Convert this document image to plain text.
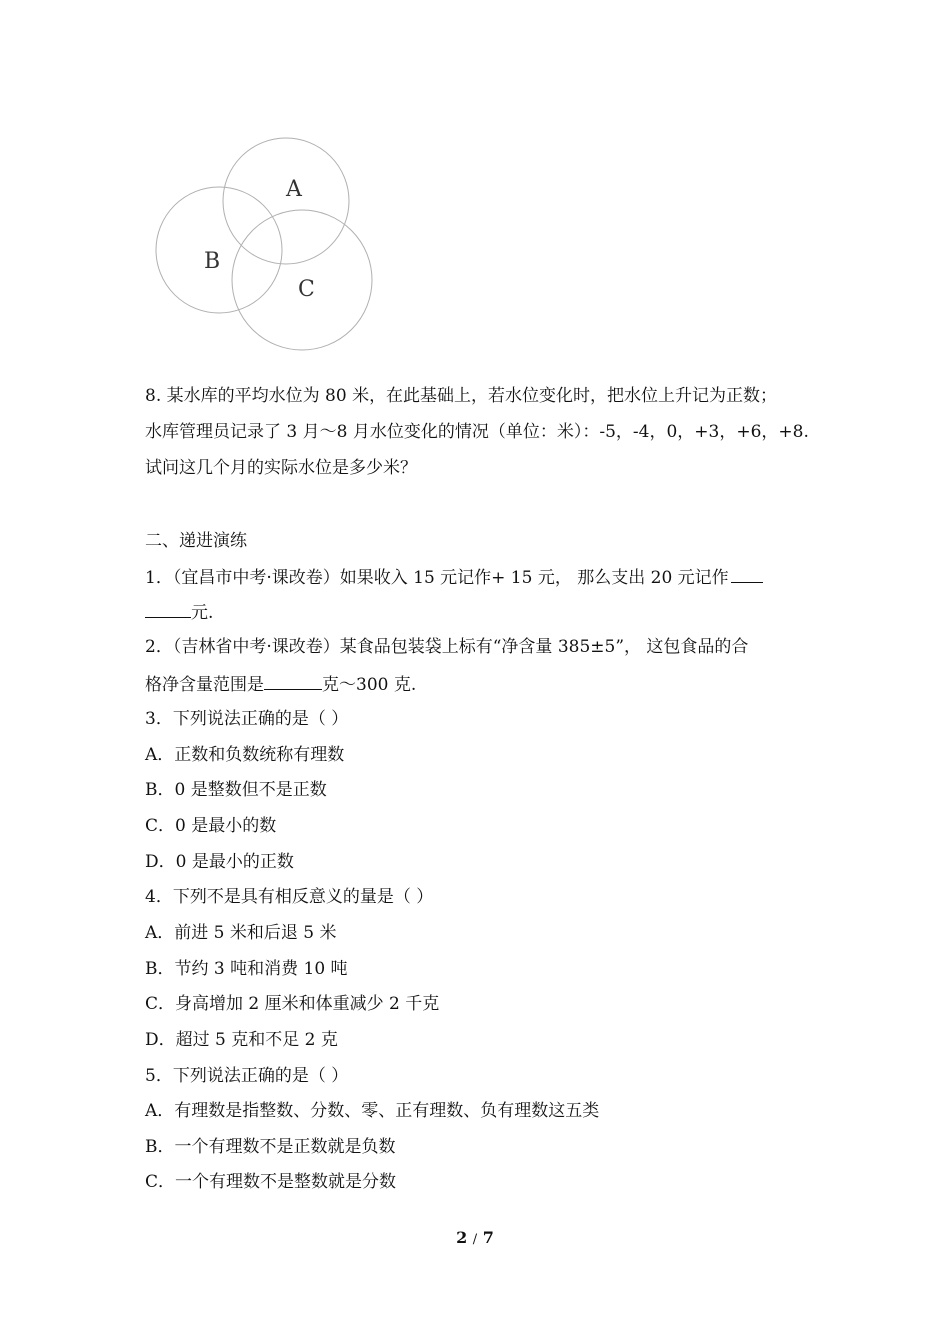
A
B
C
8. 某水库的平均水位为 80 米，在此基础上，若水位变化时，把水位上升记为正数；
水库管理员记录了 3 月～8 月水位变化的情况（单位：米）：-5，-4，0，+3，+6，+8.
试问这几个月的实际水位是多少米？
二、递进演练
1．（宜昌市中考·课改卷）如果收入 15 元记作+ 15 元， 那么支出 20 元记作
元.
2．（吉林省中考·课改卷）某食品包装袋上标有“净含量 385±5”， 这包食品的合
格净含量范围是	克～300 克.
3．下列说法正确的是（ ）
A．正数和负数统称有理数
B．0 是整数但不是正数
C．0 是最小的数
D．0 是最小的正数
4．下列不是具有相反意义的量是（ ）
A．前进 5 米和后退 5 米
B．节约 3 吨和消费 10 吨
C．身高增加 2 厘米和体重减少 2 千克
D．超过 5 克和不足 2 克
5．下列说法正确的是（ ）
A．有理数是指整数、分数、零、正有理数、负有理数这五类
B．一个有理数不是正数就是负数
C．一个有理数不是整数就是分数
2 / 7
